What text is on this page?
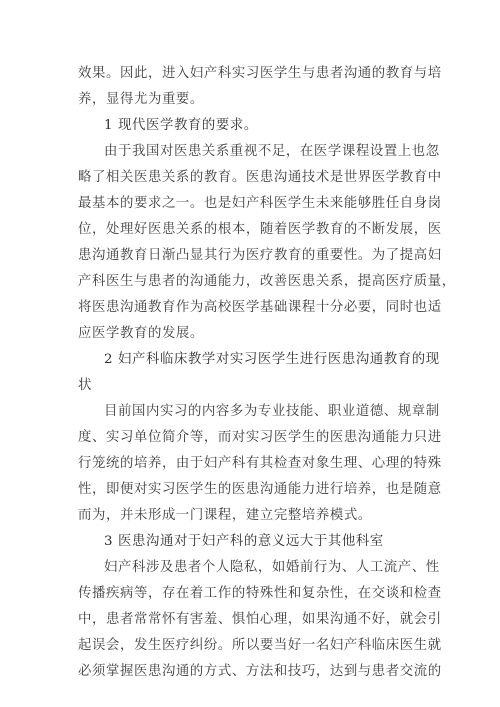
效果。因此，进入妇产科实习医学生与患者沟通的教育与培
养，显得尤为重要。
1 现代医学教育的要求。
由于我国对医患关系重视不足，在医学课程设置上也忽
略了相关医患关系的教育。医患沟通技术是世界医学教育中
最基本的要求之一。也是妇产科医学生未来能够胜任自身岗
位，处理好医患关系的根本，随着医学教育的不断发展，医
患沟通教育日渐凸显其行为医疗教育的重要性。为了提高妇
产科医生与患者的沟通能力，改善医患关系，提高医疗质量，
将医患沟通教育作为高校医学基础课程十分必要，同时也适
应医学教育的发展。
2 妇产科临床教学对实习医学生进行医患沟通教育的现
状
目前国内实习的内容多为专业技能、职业道德、规章制
度、实习单位简介等，而对实习医学生的医患沟通能力只进
行笼统的培养，由于妇产科有其检查对象生理、心理的特殊
性，即便对实习医学生的医患沟通能力进行培养，也是随意
而为，并未形成一门课程，建立完整培养模式。
3 医患沟通对于妇产科的意义远大于其他科室
妇产科涉及患者个人隐私，如婚前行为、人工流产、性
传播疾病等，存在着工作的特殊性和复杂性，在交谈和检查
中，患者常常怀有害羞、惧怕心理，如果沟通不好，就会引
起误会，发生医疗纠纷。所以要当好一名妇产科临床医生就
必须掌握医患沟通的方式、方法和技巧，达到与患者交流的
